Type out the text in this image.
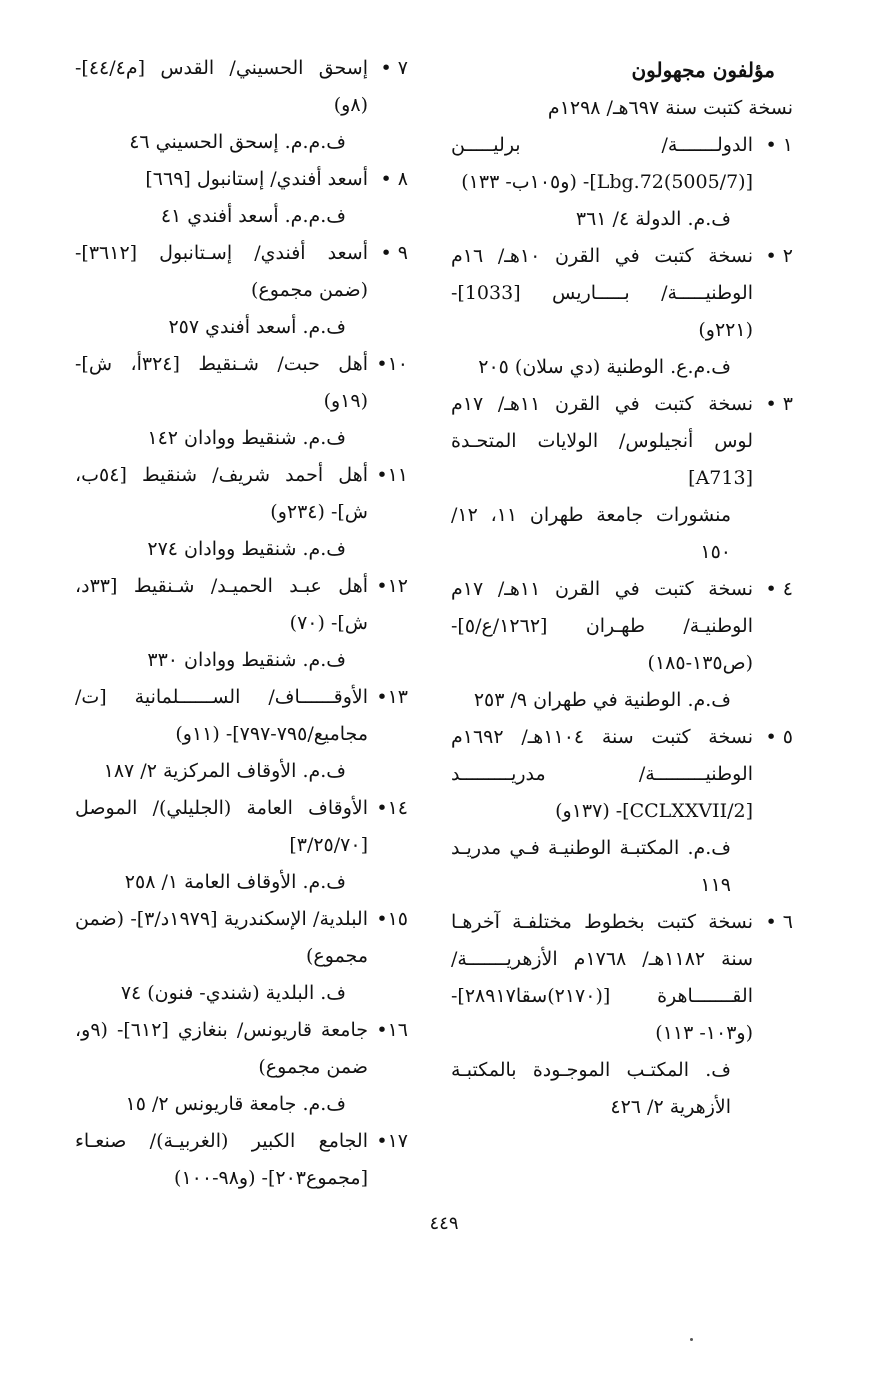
مؤلفون مجهولون
نسخة كتبت سنة ٦٩٧هـ/ ١٢٩٨م
١ •
الدولـــــــة/ برليـــــن [(5005/7)Lbg.72]- (و١٠٥ب- ١٣٣)
ف.م. الدولة ٤/ ٣٦١
٢ •
نسخة كتبت في القرن ١٠هـ/ ١٦م الوطنيـــــة/ بـــــاريس [1033]- (٢٢١و)
ف.م.ع. الوطنية (دي سلان) ٢٠٥
٣ •
نسخة كتبت في القرن ١١هـ/ ١٧م لوس أنجيلوس/ الولايات المتحـدة [A713]
منشورات جامعة طهران ١١، ١٢/ ١٥٠
٤ •
نسخة كتبت في القرن ١١هـ/ ١٧م الوطنيـة/ طهـران [١٢٦٢/ع/٥]- (ص١٣٥-١٨٥)
ف.م. الوطنية في طهران ٩/ ٢٥٣
٥ •
نسخة كتبت سنة ١١٠٤هـ/ ١٦٩٢م الوطنيـــــــــة/ مدريـــــــــد [CCLXXVII/2]- (١٣٧و)
ف.م. المكتبـة الوطنيـة فـي مدريـد ١١٩
٦ •
نسخة كتبت بخطوط مختلفـة آخرهـا سنة ١١٨٢هـ/ ١٧٦٨م الأزهريـــــــة/ القـــــــاهرة [(٢١٧٠)سقا٢٨٩١٧]- (و١٠٣- ١١٣)
ف. المكتـب الموجـودة بالمكتبـة الأزهرية ٢/ ٤٢٦
٧ •
إسحق الحسيني/ القدس [م٤٤/٤]- (٨و)
ف.م.م. إسحق الحسيني ٤٦
٨ •
أسعد أفندي/ إستانبول [٦٦٩]
ف.م.م. أسعد أفندي ٤١
٩ •
أسعد أفندي/ إسـتانبول [٣٦١٢]- (ضمن مجموع)
ف.م. أسعد أفندي ٢٥٧
١٠•
أهل حبت/ شـنقيط [٣٢٤أ، ش]- (١٩و)
ف.م. شنقيط ووادان ١٤٢
١١•
أهل أحمد شريف/ شنقيط [٥٤ب، ش]- (٢٣٤و)
ف.م. شنقيط ووادان ٢٧٤
١٢•
أهل عبـد الحميـد/ شـنقيط [٣٣د، ش]- (٧٠)
ف.م. شنقيط ووادان ٣٣٠
١٣•
الأوقــــــاف/ الســــــلمانية [ت/مجاميع/٧٩٥-٧٩٧]- (١١و)
ف.م. الأوقاف المركزية ٢/ ١٨٧
١٤•
الأوقاف العامة (الجليلي)/ الموصل [٣/٢٥/٧٠]
ف.م. الأوقاف العامة ١/ ٢٥٨
١٥•
البلدية/ الإسكندرية [١٩٧٩د/٣]- (ضمن مجموع)
ف. البلدية (شندي- فنون) ٧٤
١٦•
جامعة قاريونس/ بنغازي [٦١٢]- (٩و، ضمن مجموع)
ف.م. جامعة قاريونس ٢/ ١٥
١٧•
الجامع الكبير (الغربيـة)/ صنعـاء [مجموع٢٠٣]- (و٩٨-١٠٠)
٤٤٩
